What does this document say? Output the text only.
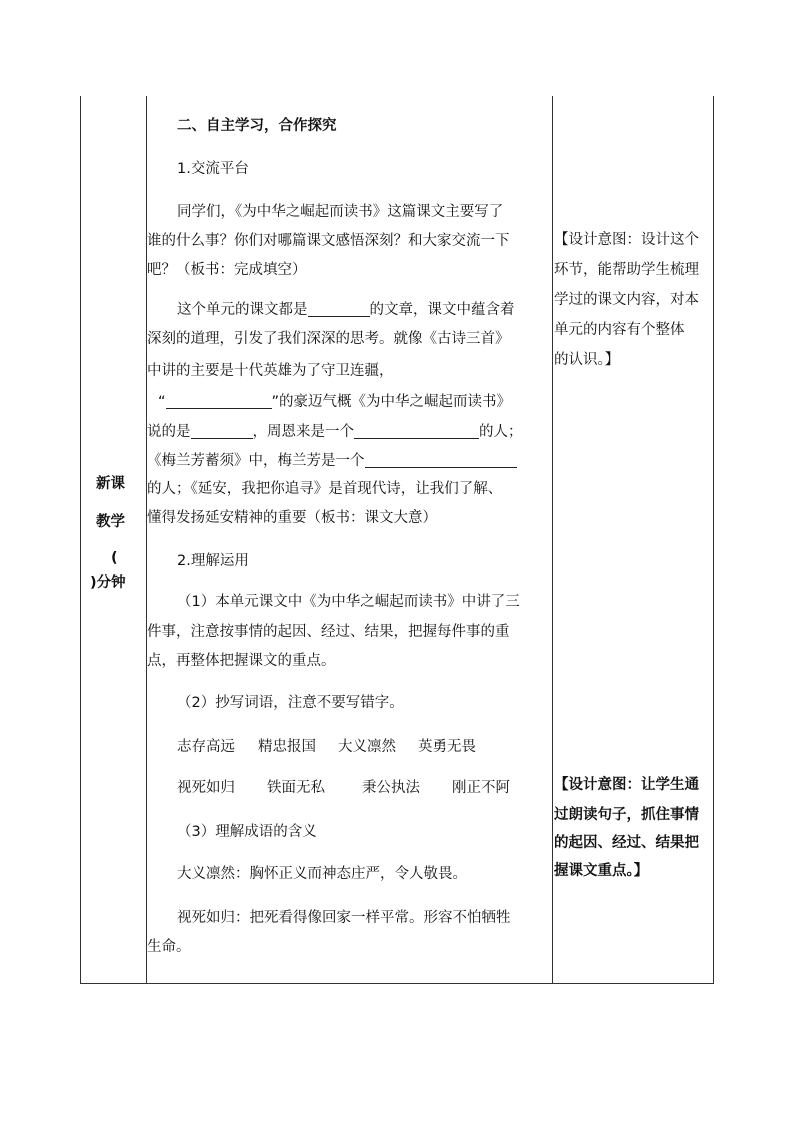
新课
教学
(
)分钟
二、自主学习，合作探究
1.交流平台
同学们，《为中华之崛起而读书》这篇课文主要写了
谁的什么事？你们对哪篇课文感悟深刻？和大家交流一下
吧？（板书：完成填空）
这个单元的课文都是	的文章，课文中蕴含着
深刻的道理，引发了我们深深的思考。就像《古诗三首》
中讲的主要是十代英雄为了守卫连疆，
“	”的豪迈气概《为中华之崛起而读书》
说的是	，周恩来是一个	的人；
《梅兰芳蓄须》中，梅兰芳是一个
的人；《延安，我把你追寻》是首现代诗，让我们了解、
懂得发扬延安精神的重要（板书：课文大意）
2.理解运用
（1）本单元课文中《为中华之崛起而读书》中讲了三
件事，注意按事情的起因、经过、结果，把握每件事的重
点，再整体把握课文的重点。
（2）抄写词语，注意不要写错字。
志存高远 精忠报国 大义凛然 英勇无畏
视死如归 铁面无私	秉公执法 刚正不阿
（3）理解成语的含义
大义凛然：胸怀正义而神态庄严，令人敬畏。
视死如归：把死看得像回家一样平常。形容不怕牺牲
生命。
【设计意图：设计这个
环节，能帮助学生梳理
学过的课文内容，对本
单元的内容有个整体
的认识。】
【设计意图：让学生通
过朗读句子，抓住事情
的起因、经过、结果把
握课文重点。】
